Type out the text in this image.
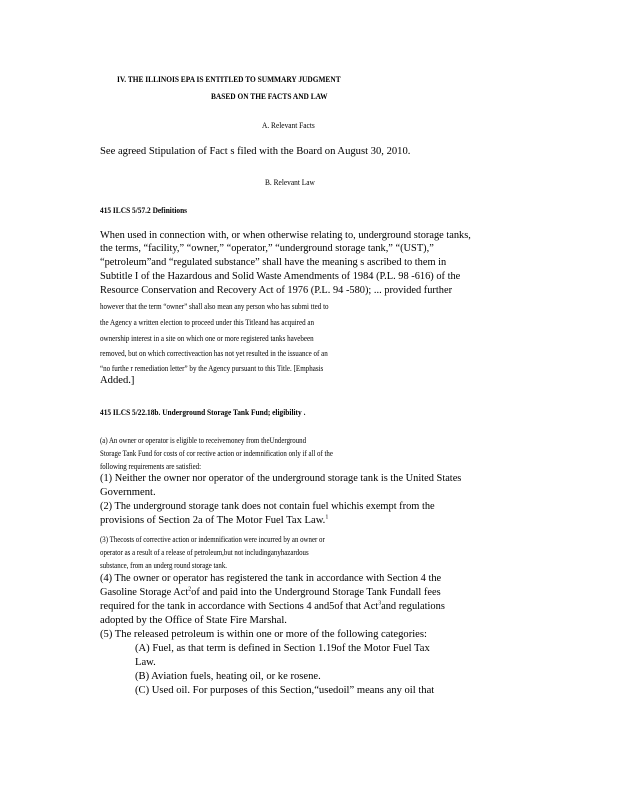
IV. THE ILLINOIS EPA IS ENTITLED TO SUMMARY JUDGMENT
BASED ON THE FACTS AND LAW
A. Relevant Facts
See agreed Stipulation of Fact s filed with the Board on August 30, 2010.
B. Relevant Law
415 ILCS 5/57.2 Definitions
When used in connection with, or when otherwise relating to, underground storage tanks,
the terms, “facility,” “owner,” “operator,” “underground storage tank,” “(UST),”
“petroleum”and “regulated substance” shall have the meaning s ascribed to them in
Subtitle I of the Hazardous and Solid Waste Amendments of 1984 (P.L. 98 -616) of the
Resource Conservation and Recovery Act of 1976 (P.L. 94 -580); ... provided further
however that the term “owner” shall also mean any person who has submi tted to
the Agency a written election to proceed under this Titleand has acquired an
ownership interest in a site on which one or more registered tanks havebeen
removed, but on which correctiveaction has not yet resulted in the issuance of an
“no furthe r remediation letter” by the Agency pursuant to this Title. [Emphasis
Added.]
415 ILCS 5/22.18b. Underground Storage Tank Fund; eligibility .
(a) An owner or operator is eligible to receivemoney from theUnderground
Storage Tank Fund for costs of cor rective action or indemnification only if all of the
following requirements are satisfied:
(1) Neither the owner nor operator of the underground storage tank is the United States
Government.
(2) The underground storage tank does not contain fuel whichis exempt from the
provisions of Section 2a of The Motor Fuel Tax Law.$^1$
(3) Thecosts of corrective action or indemnification were incurred by an owner or
operator as a result of a release of petroleum,but not includinganyhazardous
substance, from an underg round storage tank.
(4) The owner or operator has registered the tank in accordance with Section 4 the
Gasoline Storage Act$^2$of and paid into the Underground Storage Tank Fundall fees
required for the tank in accordance with Sections 4 and5of that Act$^3$and regulations
adopted by the Office of State Fire Marshal.
(5) The released petroleum is within one or more of the following categories:
(A) Fuel, as that term is defined in Section 1.19of the Motor Fuel Tax
Law.
(B) Aviation fuels, heating oil, or ke rosene.
(C) Used oil. For purposes of this Section,“usedoil” means any oil that
